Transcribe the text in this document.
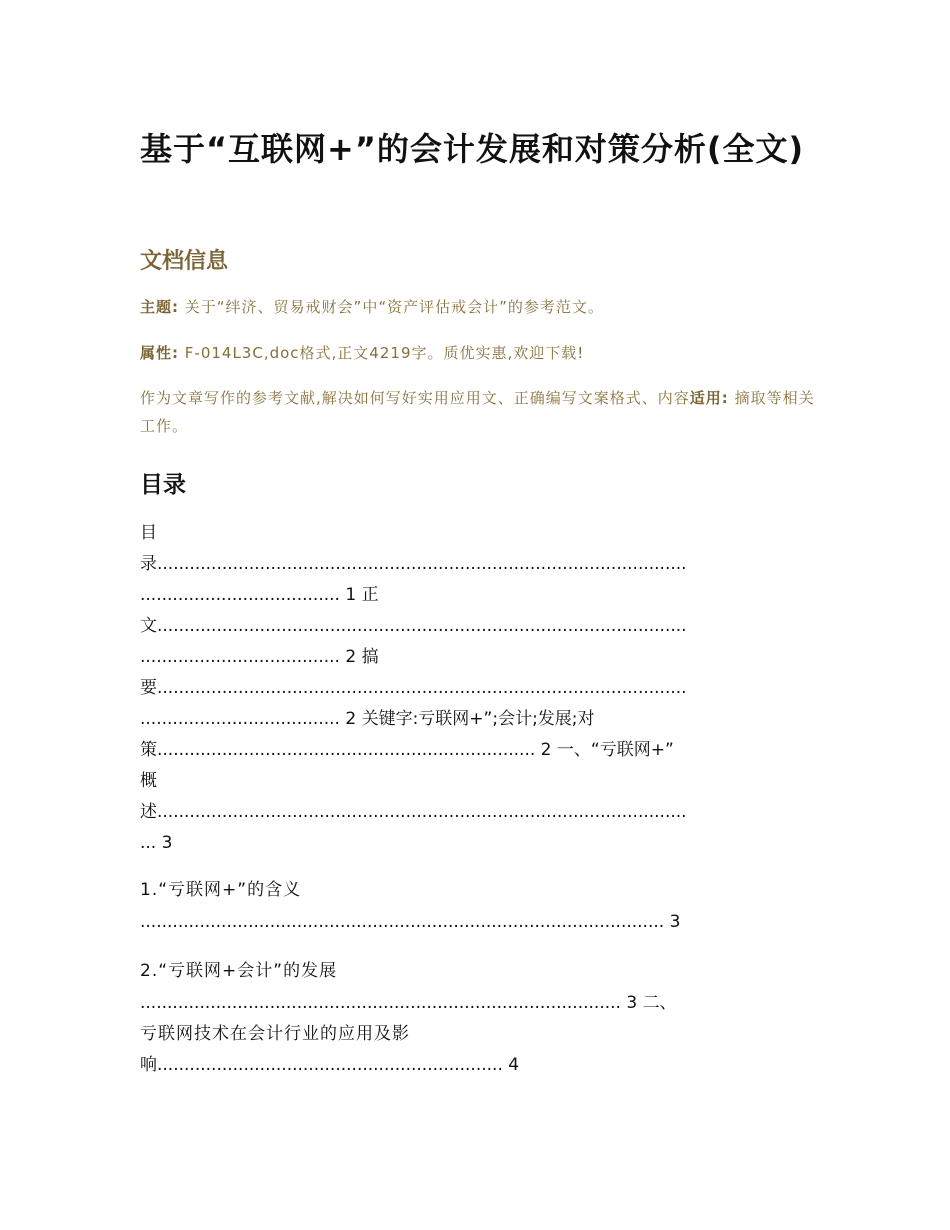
基于“互联网+”的会计发展和对策分析(全文)
文档信息
主题: 关于“绊济、贸易戒财会”中“资产评估戒会计”的参考范文。
属性: F-014L3C,doc格式,正文4219字。质优实惠,欢迎下载!
作为文章写作的参考文献,解决如何写好实用应用文、正确编写文案格式、内容适用: 摘取等相关工作。
目录
目
录..................................................................................................
..................................... 1 正
文..................................................................................................
..................................... 2 搞
要..................................................................................................
..................................... 2 关键字:亏联网+”;会计;发展;对
策...................................................................... 2 一、“亏联网+”
概
述..................................................................................................
... 3
1.“亏联网+”的含义
................................................................................................. 3
2.“亏联网+会计”的发展
......................................................................................... 3 二、
亏联网技术在会计行业的应用及影
响................................................................ 4
